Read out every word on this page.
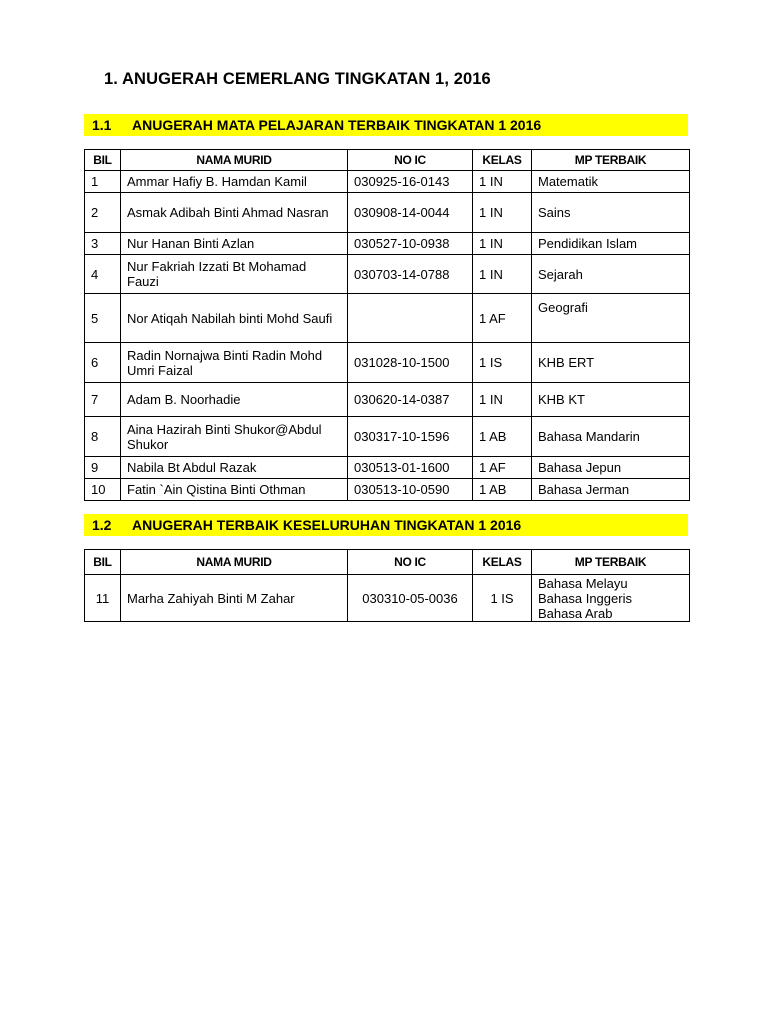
1. ANUGERAH CEMERLANG TINGKATAN 1, 2016
1.1 ANUGERAH MATA PELAJARAN TERBAIK TINGKATAN 1 2016
BIL	NAMA MURID	NO IC	KELAS	MP TERBAIK
1	Ammar Hafiy B. Hamdan Kamil	030925-16-0143	1 IN	Matematik
2	Asmak Adibah Binti Ahmad Nasran	030908-14-0044	1 IN	Sains
3	Nur Hanan Binti Azlan	030527-10-0938	1 IN	Pendidikan Islam
4	Nur Fakriah Izzati Bt Mohamad Fauzi	030703-14-0788	1 IN	Sejarah
5	Nor Atiqah Nabilah binti Mohd Saufi		1 AF	Geografi
6	Radin Nornajwa Binti Radin Mohd Umri Faizal	031028-10-1500	1 IS	KHB ERT
7	Adam B. Noorhadie	030620-14-0387	1 IN	KHB KT
8	Aina Hazirah Binti Shukor@Abdul Shukor	030317-10-1596	1 AB	Bahasa Mandarin
9	Nabila Bt Abdul Razak	030513-01-1600	1 AF	Bahasa Jepun
10	Fatin `Ain Qistina Binti Othman	030513-10-0590	1 AB	Bahasa Jerman
1.2 ANUGERAH TERBAIK KESELURUHAN TINGKATAN 1 2016
BIL	NAMA MURID	NO IC	KELAS	MP TERBAIK
11	Marha Zahiyah Binti M Zahar	030310-05-0036	1 IS	Bahasa Melayu
Bahasa Inggeris
Bahasa Arab
